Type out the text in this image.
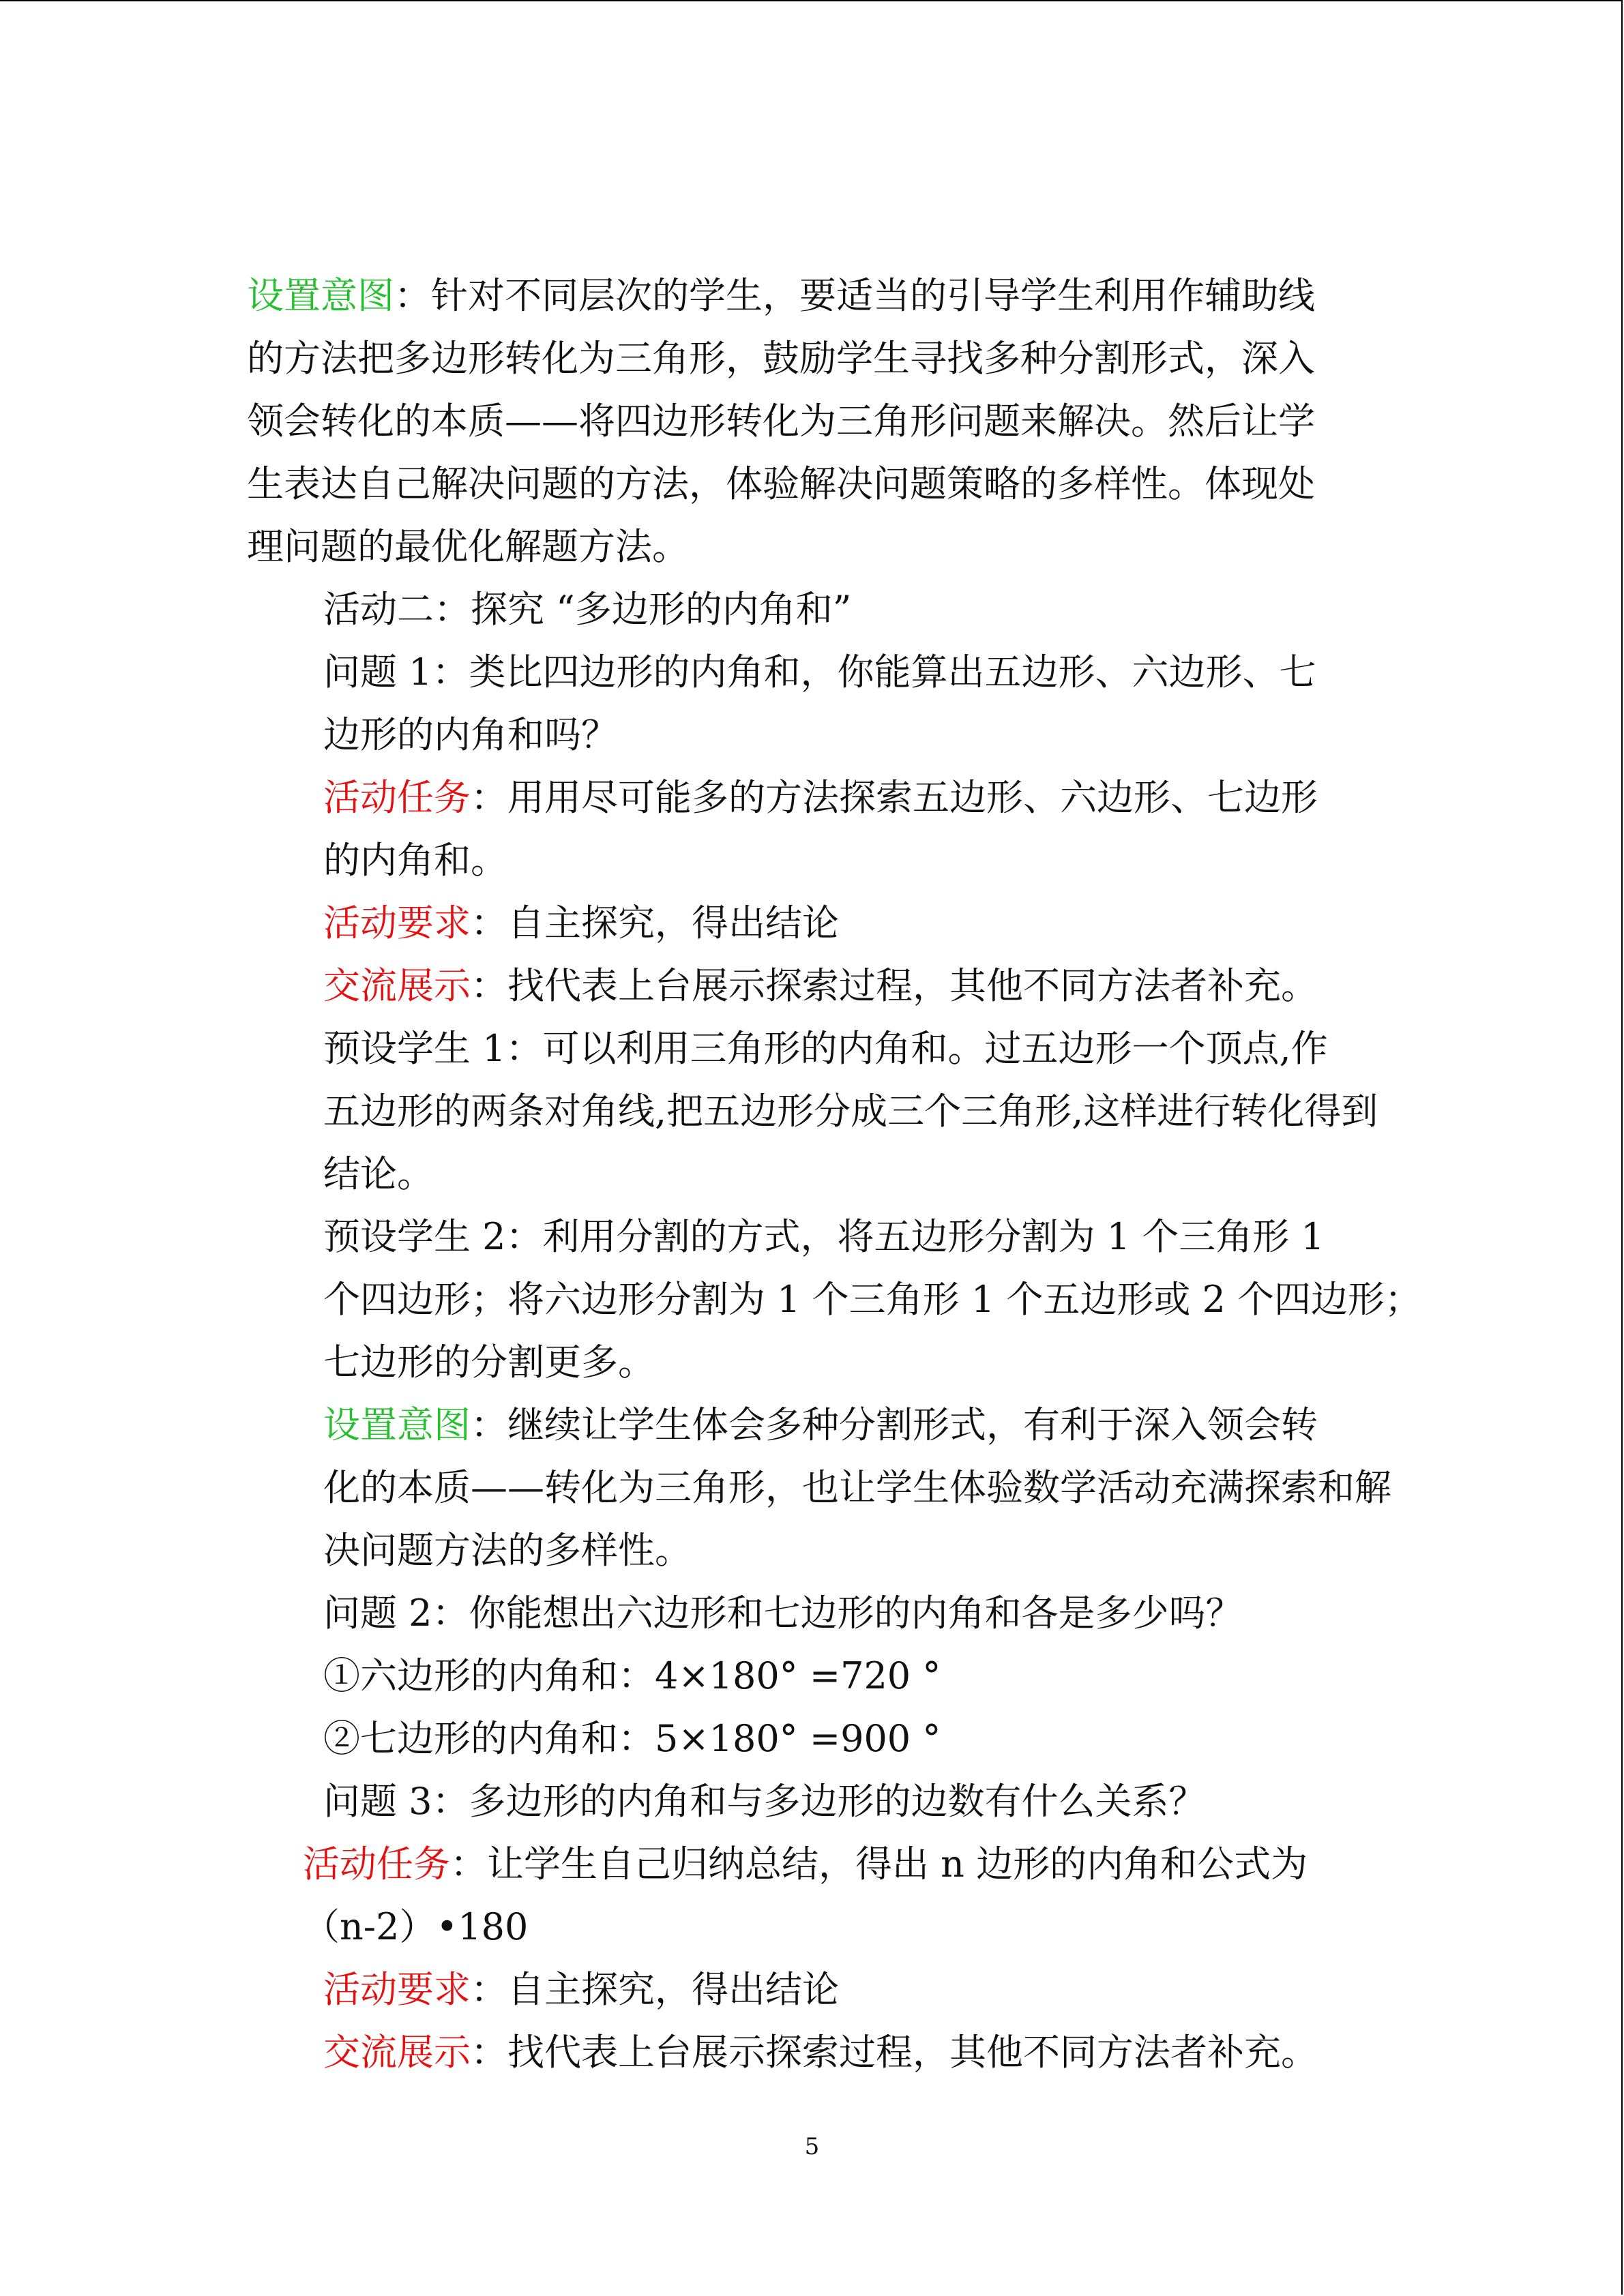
设置意图：针对不同层次的学生，要适当的引导学生利用作辅助线
的方法把多边形转化为三角形，鼓励学生寻找多种分割形式，深入
领会转化的本质——将四边形转化为三角形问题来解决。然后让学
生表达自己解决问题的方法，体验解决问题策略的多样性。体现处
理问题的最优化解题方法。
活动二：探究 “多边形的内角和”
问题 1：类比四边形的内角和，你能算出五边形、六边形、七
边形的内角和吗？
活动任务：用用尽可能多的方法探索五边形、六边形、七边形
的内角和。
活动要求：自主探究，得出结论
交流展示：找代表上台展示探索过程，其他不同方法者补充。
预设学生 1：可以利用三角形的内角和。过五边形一个顶点,作
五边形的两条对角线,把五边形分成三个三角形,这样进行转化得到
结论。
预设学生 2：利用分割的方式，将五边形分割为 1 个三角形 1
个四边形；将六边形分割为 1 个三角形 1 个五边形或 2 个四边形；
七边形的分割更多。
设置意图：继续让学生体会多种分割形式，有利于深入领会转
化的本质——转化为三角形，也让学生体验数学活动充满探索和解
决问题方法的多样性。
问题 2：你能想出六边形和七边形的内角和各是多少吗？
①六边形的内角和：4×180° =720 °
②七边形的内角和：5×180° =900 °
问题 3：多边形的内角和与多边形的边数有什么关系？
活动任务：让学生自己归纳总结，得出 n 边形的内角和公式为
（n-2）•180
活动要求：自主探究，得出结论
交流展示：找代表上台展示探索过程，其他不同方法者补充。
5
